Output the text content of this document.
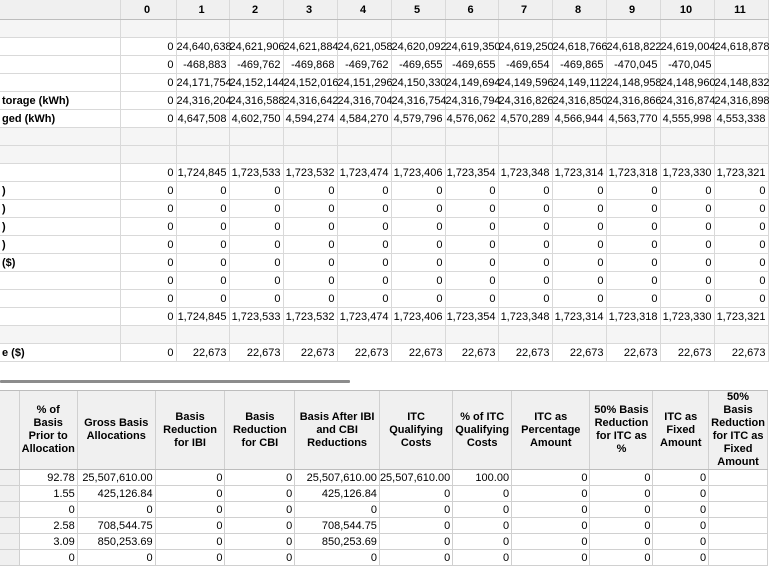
	0	1	2	3	4	5	6	7	8	9	10	11

	0	24,640,638	24,621,906	24,621,884	24,621,058	24,620,092	24,619,350	24,619,250	24,618,766	24,618,822	24,619,004	24,618,878
	0	-468,883	-469,762	-469,868	-469,762	-469,655	-469,655	-469,654	-469,865	-470,045	-470,045	
	0	24,171,754	24,152,144	24,152,016	24,151,296	24,150,330	24,149,694	24,149,596	24,149,112	24,148,958	24,148,960	24,148,832
torage (kWh)	0	24,316,204	24,316,588	24,316,642	24,316,704	24,316,754	24,316,794	24,316,826	24,316,850	24,316,866	24,316,874	24,316,898
ged (kWh)	0	4,647,508	4,602,750	4,594,274	4,584,270	4,579,796	4,576,062	4,570,289	4,566,944	4,563,770	4,555,998	4,553,338

	0	1,724,845	1,723,533	1,723,532	1,723,474	1,723,406	1,723,354	1,723,348	1,723,314	1,723,318	1,723,330	1,723,321
)	0	0	0	0	0	0	0	0	0	0	0	0
)	0	0	0	0	0	0	0	0	0	0	0	0
)	0	0	0	0	0	0	0	0	0	0	0	0
)	0	0	0	0	0	0	0	0	0	0	0	0
($)	0	0	0	0	0	0	0	0	0	0	0	0
	0	0	0	0	0	0	0	0	0	0	0	0
	0	0	0	0	0	0	0	0	0	0	0	0
	0	1,724,845	1,723,533	1,723,532	1,723,474	1,723,406	1,723,354	1,723,348	1,723,314	1,723,318	1,723,330	1,723,321

e ($)	0	22,673	22,673	22,673	22,673	22,673	22,673	22,673	22,673	22,673	22,673	22,673
	% of Basis Prior to Allocation	Gross Basis Allocations	Basis Reduction for IBI	Basis Reduction for CBI	Basis After IBI and CBI Reductions	ITC Qualifying Costs	% of ITC Qualifying Costs	ITC as Percentage Amount	50% Basis Reduction for ITC as %	ITC as Fixed Amount	50% Basis Reduction for ITC as Fixed Amount
	92.78	25,507,610.00	0	0	25,507,610.00	25,507,610.00	100.00	0	0	0	
	1.55	425,126.84	0	0	425,126.84	0	0	0	0	0	
	0	0	0	0	0	0	0	0	0	0	
	2.58	708,544.75	0	0	708,544.75	0	0	0	0	0	
	3.09	850,253.69	0	0	850,253.69	0	0	0	0	0	
	0	0	0	0	0	0	0	0	0	0	
